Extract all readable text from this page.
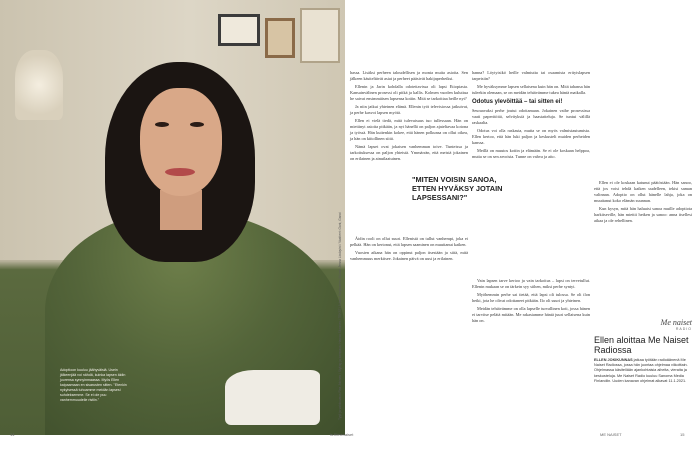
Adoptioon kuuluu jäähyväisiä. Usein jälkeenjää voi nähdä, kuinka lapsen äidin juurensa synnyinmaassa. Myös Ellen kaipaamaan en sisarusten sitten. "Etenkin nykyisessä tuhoamme meidän lapsesi suhdeksemme. Se ei ole puu vanhemmuudelle ristiin."	Tyyli ja valokuvaus Rea Jokinen / Styling ja kampaus: Hanna Silvonen / TEKSTI Juhani Karjalainen / Kuvat: Jenna Lindqvist / Vaatteet: Gant, Ganni

hassa. Lisäksi perheen taloudellisen ja monia muita asioita. Sen jälkeen käsiteltävät asiat ja perheet pääsivät hakijaperheiksi.

Ellenin ja Jarin kohdalla odotettavissa oli lapsi Etiopiasta. Kansainvälinen prosessi oli pitkä ja kallis. Kolmen vuoden kuluttua he saivat ensimmäisen lapsensa kotiin. Mitä se tarkoittaa heille nyt?

Ja niin jatkui yhteinen elämä. Ellenin työt televisiossa jatkuivat, ja perhe kasvoi lapsen myötä.

Ellen ei vielä tiedä, mitä tulevaisuus tuo tullessaan. Hän on miettinyt asioita pitkään, ja nyt hänellä on paljon ajateltavaa kotona ja työssä. Hän kuitenkin kokee, että hänen polkunsa on ollut oikea, ja hän on kiitollinen siitä.

Nämä lapset ovat jokaisen vanhemman toive. Tunteissa ja tarkoituksessa on paljon yhteistä. Ymmärrän, että meistä jokainen on erilainen ja ainutlaatuinen.

Äidin rooli on ollut suuri. Ellenistä on tullut vanhempi, joka ei pelkää. Hän on kertonut, että lapsen saaminen on muuttanut kaiken.

Vuosien aikana hän on oppinut paljon itsestään ja siitä, mitä vanhemmuus merkitsee. Jokainen päivä on uusi ja erilainen.

"MITEN VOISIN SANOA, ETTEN HYVÄKSY JOTAIN LAPSESSANI?"

hanna? Löytyisikö heille valmiutta tai osaamista erityislapsen tarpeisiin?

Me hyväksymme lapsen sellaisena kuin hän on. Mitä tahansa hän tuleekin olemaan, se on meidän tehtävämme tukea häntä matkalla.

Odotus ylevöittää – tai sitten ei!

Seuraavaksi perhe joutui odottamaan. Jokainen vaihe prosessissa vaati paperitöitä, selvityksiä ja haastatteluja. Se tuntui välillä raskaalta.

Odotus voi olla raskasta, mutta se on myös valmistautumista. Ellen kertoo, että hän luki paljon ja keskusteli muiden perheiden kanssa.

Meillä on muutos kotiin ja elämään. Se ei ole koskaan helppoa, mutta se on sen arvoista. Tunne on vahva ja aito.

Vain lapsen tarve kertoo ja vain tarkoitus – lapsi on tervetullut. Ellenin mukaan se on tärkein syy siihen, miksi perhe syntyi.

Myöhemmin perhe sai tietää, että lapsi oli tulossa. Se oli ilon hetki, jota he olivat odottaneet pitkään. Ilo oli suuri ja yhteinen.

Meidän tehtävämme on olla lapselle turvallinen koti, jossa hänen ei tarvitse pelätä mitään. Me rakastamme häntä juuri sellaisena kuin hän on.

Ellen ei ole koskaan katunut päätöstään. Hän sanoo, että jos voisi tehdä kaiken uudelleen, tekisi saman valinnan. Adoptio on ollut hänelle lahja, joka on muuttanut koko elämän suunnan.

Kun kysyn, mitä hän haluaisi sanoa muille adoptiota harkitseville, hän miettii hetken ja sanoo: anna itsellesi aikaa ja ole rehellinen.

Me naiset
RADIO
Ellen aloittaa Me Naiset Radiossa
ELLEN JOKIKUNNAS jatkaa työtään radioäänenä Me Naiset Radiossa, jossa hän juontaa ohjelmaa viikoittain. Ohjelmassa käsitellään ajankohtaisia aiheita, vieraita ja keskusteluja. Me Naiset Radio kuuluu Sanoma Media Finlandiin. Uuden kanavan ohjelmat alkavat 11.1.2021.
14	is.fi/menaiset	ME NAISET	15
